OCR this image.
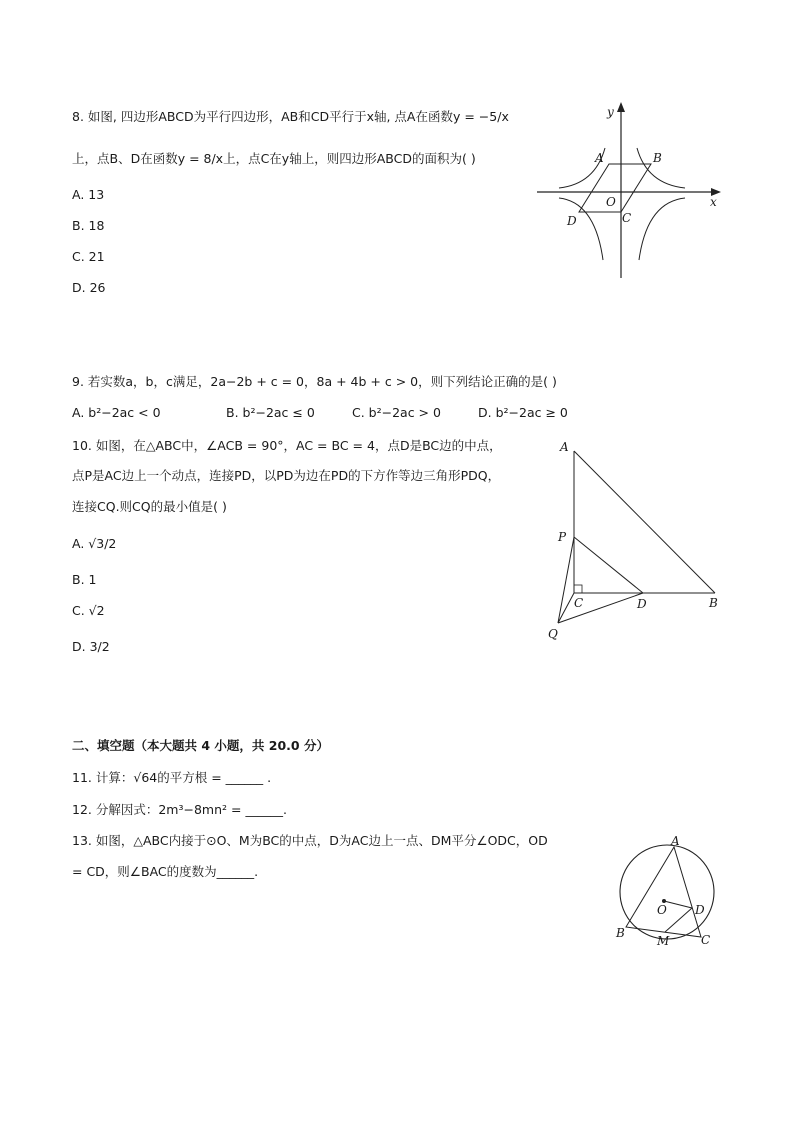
8. 如图, 四边形ABCD为平行四边形，AB和CD平行于x轴, 点A在函数y = −5/x
上，点B、D在函数y = 8/x上，点C在y轴上，则四边形ABCD的面积为( )
A. 13
B. 18
C. 21
D. 26
A	B
O
C
D
x
y
9. 若实数a，b，c满足，2a−2b + c = 0，8a + 4b + c > 0，则下列结论正确的是( )
A. b²−2ac < 0	B. b²−2ac ≤ 0	C. b²−2ac > 0	D. b²−2ac ≥ 0
10. 如图，在△ABC中，∠ACB = 90°，AC = BC = 4，点D是BC边的中点，
点P是AC边上一个动点，连接PD，以PD为边在PD的下方作等边三角形PDQ，
连接CQ.则CQ的最小值是( )
A. √3/2
B. 1
C. √2
D. 3/2
A
P
C	D	B
Q
二、填空题（本大题共 4 小题，共 20.0 分）
11. 计算：√64的平方根 = ______ .
12. 分解因式：2m³−8mn² = ______.
13. 如图，△ABC内接于⊙O、M为BC的中点，D为AC边上一点、DM平分∠ODC，OD
= CD，则∠BAC的度数为______.
A
O D
B
M	C
